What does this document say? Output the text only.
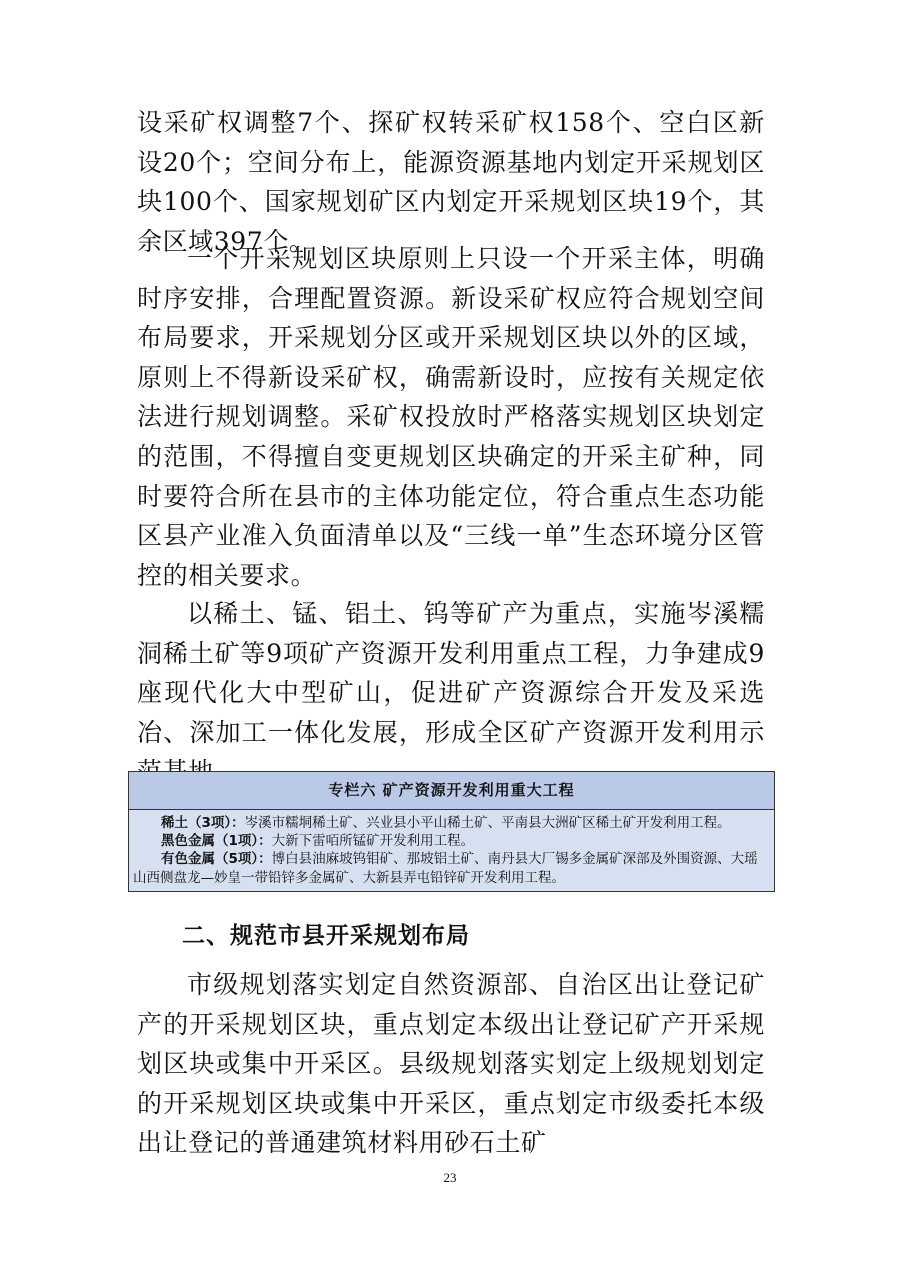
设采矿权调整7个、探矿权转采矿权158个、空白区新设20个；空间分布上，能源资源基地内划定开采规划区块100个、国家规划矿区内划定开采规划区块19个，其余区域397个。

一个开采规划区块原则上只设一个开采主体，明确时序安排，合理配置资源。新设采矿权应符合规划空间布局要求，开采规划分区或开采规划区块以外的区域，原则上不得新设采矿权，确需新设时，应按有关规定依法进行规划调整。采矿权投放时严格落实规划区块划定的范围，不得擅自变更规划区块确定的开采主矿种，同时要符合所在县市的主体功能定位，符合重点生态功能区县产业准入负面清单以及“三线一单”生态环境分区管控的相关要求。

以稀土、锰、铝土、钨等矿产为重点，实施岑溪糯洞稀土矿等9项矿产资源开发利用重点工程，力争建成9座现代化大中型矿山，促进矿产资源综合开发及采选冶、深加工一体化发展，形成全区矿产资源开发利用示

专栏六 矿产资源开发利用重大工程

稀土（3项）：岑溪市糯垌稀土矿、兴业县小平山稀土矿、平南县大洲矿区稀土矿开发利用工程。

黑色金属（1项）：大新下雷咟所锰矿开发利用工程。

有色金属（5项）：博白县油麻坡钨钼矿、那坡铝土矿、南丹县大厂锡多金属矿深部及外围资源、大瑶山西侧盘龙—妙皇一带铅锌多金属矿、大新县弄屯铅锌矿开发利用工程。

二、规范市县开采规划布局

市级规划落实划定自然资源部、自治区出让登记矿产的开采规划区块，重点划定本级出让登记矿产开采规划区块或集中开采区。县级规划落实划定上级规划划定的开采规划区块或集中开采区，重点划定市级委托本级出让登记的普通建筑材料用砂石土矿

23
